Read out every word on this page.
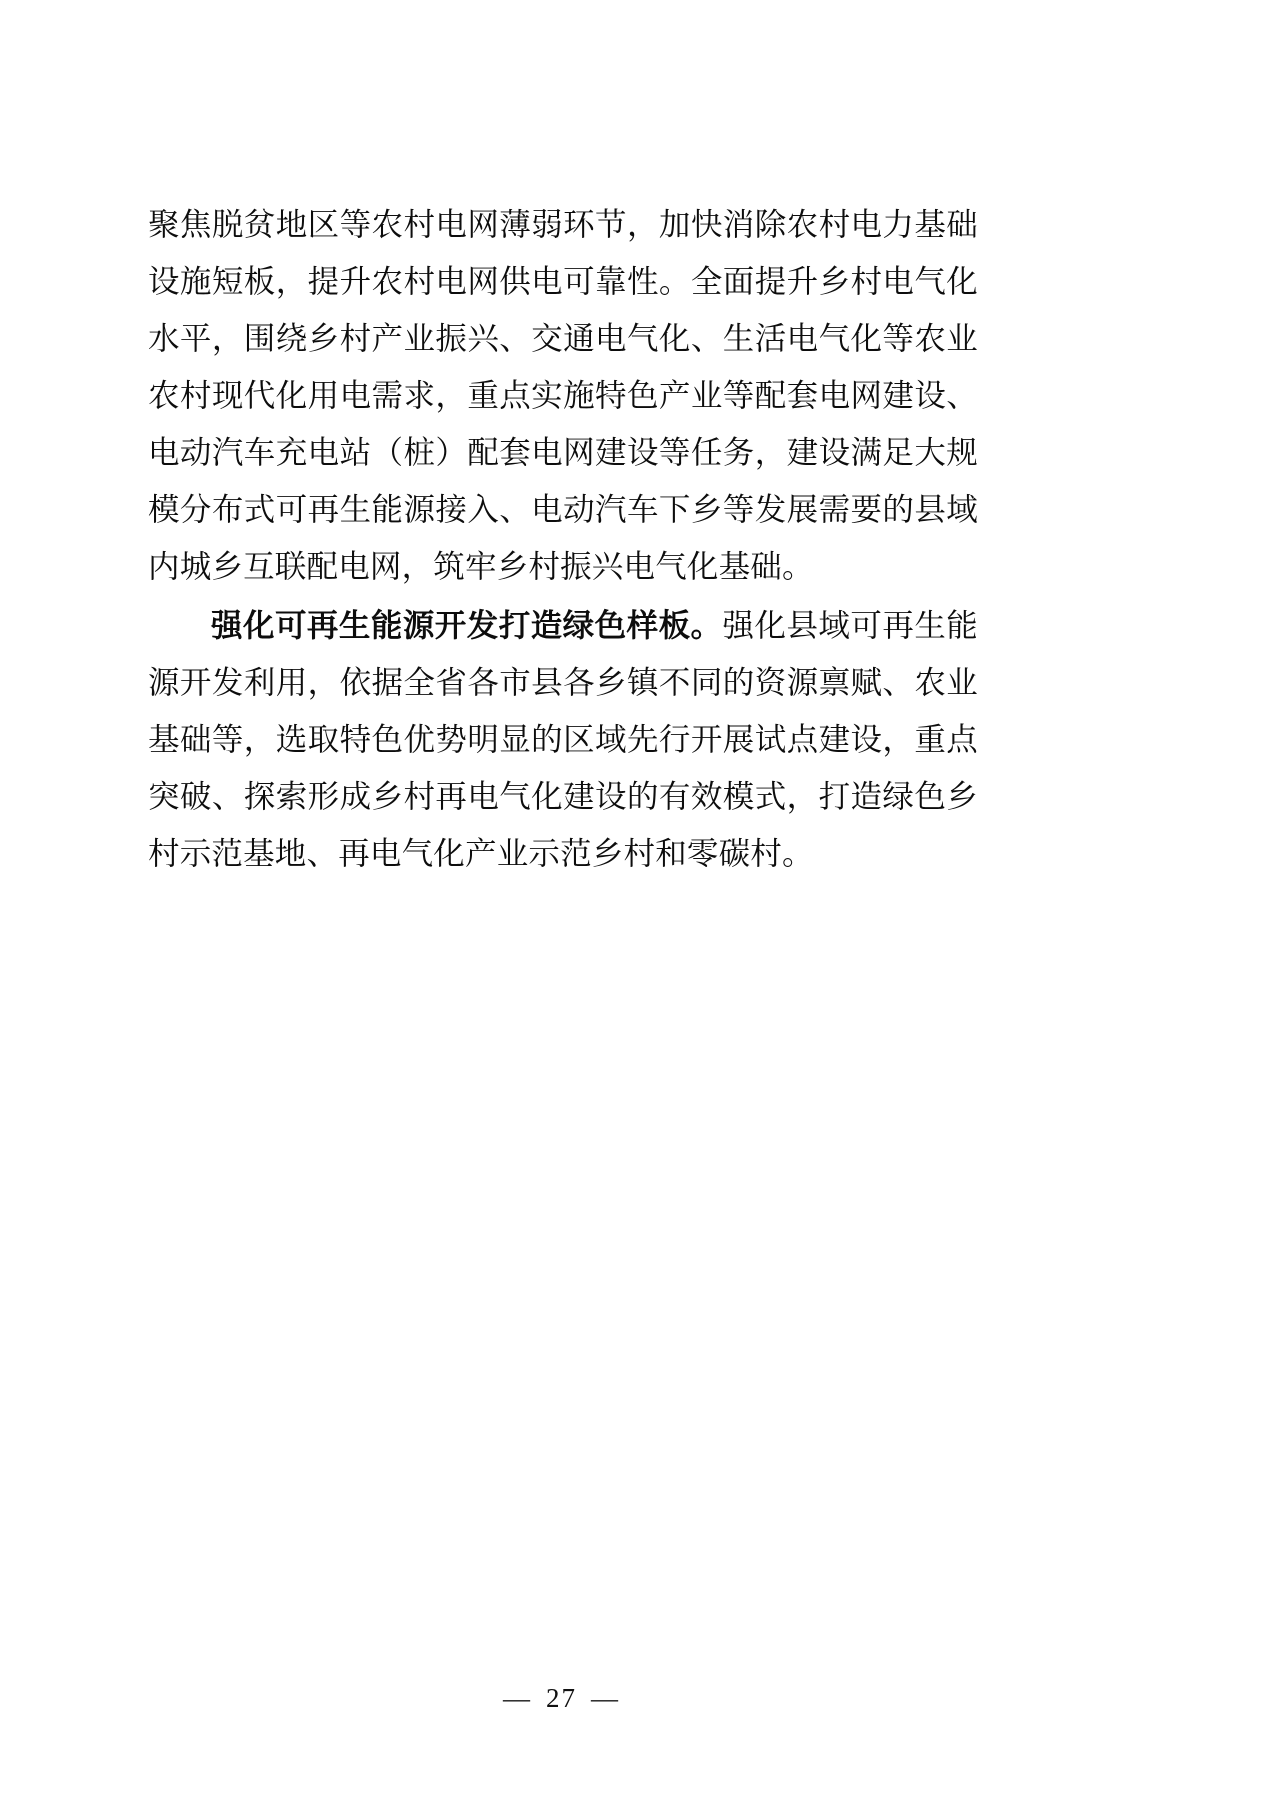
聚焦脱贫地区等农村电网薄弱环节，加快消除农村电力基础设施短板，提升农村电网供电可靠性。全面提升乡村电气化水平，围绕乡村产业振兴、交通电气化、生活电气化等农业农村现代化用电需求，重点实施特色产业等配套电网建设、电动汽车充电站（桩）配套电网建设等任务，建设满足大规模分布式可再生能源接入、电动汽车下乡等发展需要的县域内城乡互联配电网，筑牢乡村振兴电气化基础。

强化可再生能源开发打造绿色样板。强化县域可再生能源开发利用，依据全省各市县各乡镇不同的资源禀赋、农业基础等，选取特色优势明显的区域先行开展试点建设，重点突破、探索形成乡村再电气化建设的有效模式，打造绿色乡村示范基地、再电气化产业示范乡村和零碳村。

— 27 —
